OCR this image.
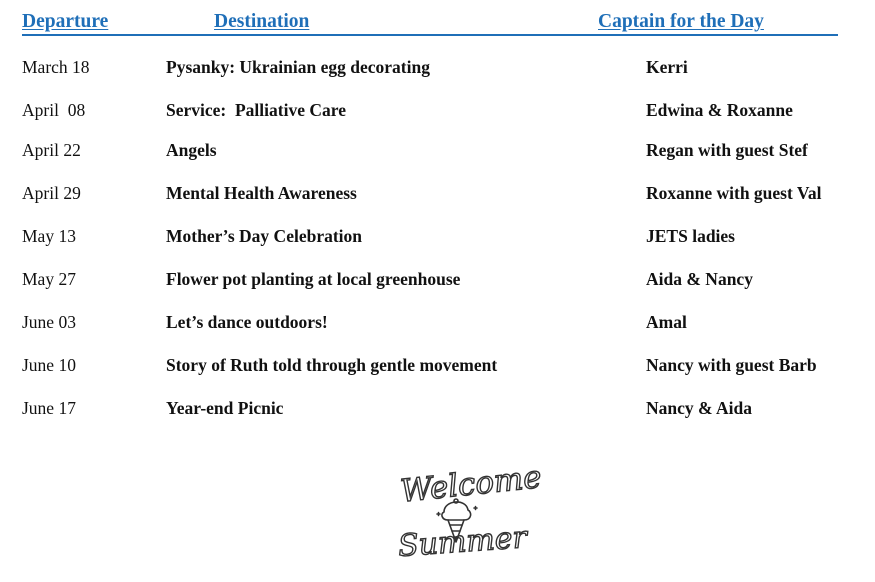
Departure	Destination	Captain for the Day
March 18	Pysanky: Ukrainian egg decorating	Kerri
April  08	Service:  Palliative Care	Edwina & Roxanne
April 22	Angels	Regan with guest Stef
April 29	Mental Health Awareness	Roxanne with guest Val
May 13	Mother’s Day Celebration	JETS ladies
May 27	Flower pot planting at local greenhouse	Aida & Nancy
June 03	Let’s dance outdoors!	Amal
June 10	Story of Ruth told through gentle movement	Nancy with guest Barb
June 17	Year-end Picnic	Nancy & Aida
Welcome
Summer
